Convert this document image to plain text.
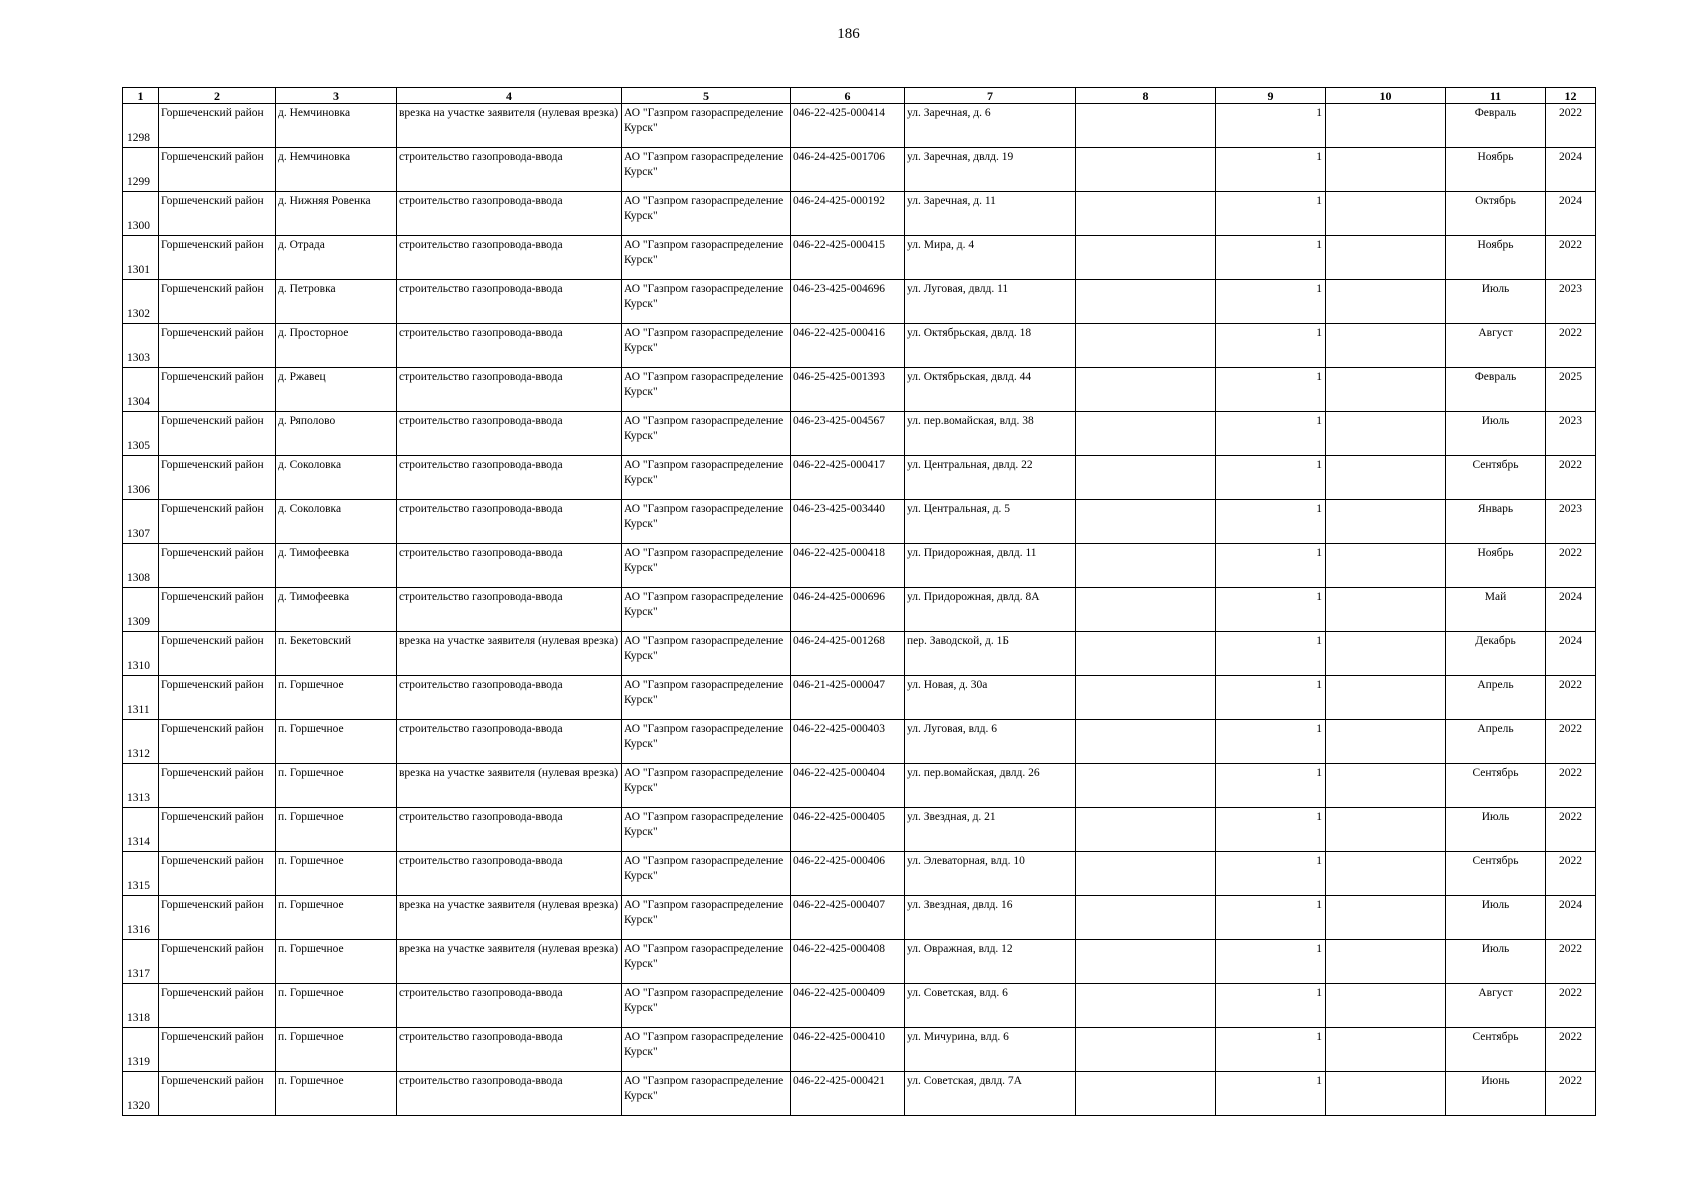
186
1	2	3	4	5	6	7	8	9	10	11	12
1298	Горшеченский район	д. Немчиновка	врезка на участке заявителя (нулевая врезка)	АО "Газпром газораспределение Курск"	046-22-425-000414	ул. Заречная, д. 6		1		Февраль	2022
1299	Горшеченский район	д. Немчиновка	строительство газопровода-ввода	АО "Газпром газораспределение Курск"	046-24-425-001706	ул. Заречная, двлд. 19		1		Ноябрь	2024
1300	Горшеченский район	д. Нижняя Ровенка	строительство газопровода-ввода	АО "Газпром газораспределение Курск"	046-24-425-000192	ул. Заречная, д. 11		1		Октябрь	2024
1301	Горшеченский район	д. Отрада	строительство газопровода-ввода	АО "Газпром газораспределение Курск"	046-22-425-000415	ул. Мира, д. 4		1		Ноябрь	2022
1302	Горшеченский район	д. Петровка	строительство газопровода-ввода	АО "Газпром газораспределение Курск"	046-23-425-004696	ул. Луговая, двлд. 11		1		Июль	2023
1303	Горшеченский район	д. Просторное	строительство газопровода-ввода	АО "Газпром газораспределение Курск"	046-22-425-000416	ул. Октябрьская, двлд. 18		1		Август	2022
1304	Горшеченский район	д. Ржавец	строительство газопровода-ввода	АО "Газпром газораспределение Курск"	046-25-425-001393	ул. Октябрьская, двлд. 44		1		Февраль	2025
1305	Горшеченский район	д. Ряполово	строительство газопровода-ввода	АО "Газпром газораспределение Курск"	046-23-425-004567	ул. пер.вомайская, влд. 38		1		Июль	2023
1306	Горшеченский район	д. Соколовка	строительство газопровода-ввода	АО "Газпром газораспределение Курск"	046-22-425-000417	ул. Центральная, двлд. 22		1		Сентябрь	2022
1307	Горшеченский район	д. Соколовка	строительство газопровода-ввода	АО "Газпром газораспределение Курск"	046-23-425-003440	ул. Центральная, д. 5		1		Январь	2023
1308	Горшеченский район	д. Тимофеевка	строительство газопровода-ввода	АО "Газпром газораспределение Курск"	046-22-425-000418	ул. Придорожная, двлд. 11		1		Ноябрь	2022
1309	Горшеченский район	д. Тимофеевка	строительство газопровода-ввода	АО "Газпром газораспределение Курск"	046-24-425-000696	ул. Придорожная, двлд. 8А		1		Май	2024
1310	Горшеченский район	п. Бекетовский	врезка на участке заявителя (нулевая врезка)	АО "Газпром газораспределение Курск"	046-24-425-001268	пер. Заводской, д. 1Б		1		Декабрь	2024
1311	Горшеченский район	п. Горшечное	строительство газопровода-ввода	АО "Газпром газораспределение Курск"	046-21-425-000047	ул. Новая, д. 30а		1		Апрель	2022
1312	Горшеченский район	п. Горшечное	строительство газопровода-ввода	АО "Газпром газораспределение Курск"	046-22-425-000403	ул. Луговая, влд. 6		1		Апрель	2022
1313	Горшеченский район	п. Горшечное	врезка на участке заявителя (нулевая врезка)	АО "Газпром газораспределение Курск"	046-22-425-000404	ул. пер.вомайская, двлд. 26		1		Сентябрь	2022
1314	Горшеченский район	п. Горшечное	строительство газопровода-ввода	АО "Газпром газораспределение Курск"	046-22-425-000405	ул. Звездная, д. 21		1		Июль	2022
1315	Горшеченский район	п. Горшечное	строительство газопровода-ввода	АО "Газпром газораспределение Курск"	046-22-425-000406	ул. Элеваторная, влд. 10		1		Сентябрь	2022
1316	Горшеченский район	п. Горшечное	врезка на участке заявителя (нулевая врезка)	АО "Газпром газораспределение Курск"	046-22-425-000407	ул. Звездная, двлд. 16		1		Июль	2024
1317	Горшеченский район	п. Горшечное	врезка на участке заявителя (нулевая врезка)	АО "Газпром газораспределение Курск"	046-22-425-000408	ул. Овражная, влд. 12		1		Июль	2022
1318	Горшеченский район	п. Горшечное	строительство газопровода-ввода	АО "Газпром газораспределение Курск"	046-22-425-000409	ул. Советская, влд. 6		1		Август	2022
1319	Горшеченский район	п. Горшечное	строительство газопровода-ввода	АО "Газпром газораспределение Курск"	046-22-425-000410	ул. Мичурина, влд. 6		1		Сентябрь	2022
1320	Горшеченский район	п. Горшечное	строительство газопровода-ввода	АО "Газпром газораспределение Курск"	046-22-425-000421	ул. Советская, двлд. 7А		1		Июнь	2022
